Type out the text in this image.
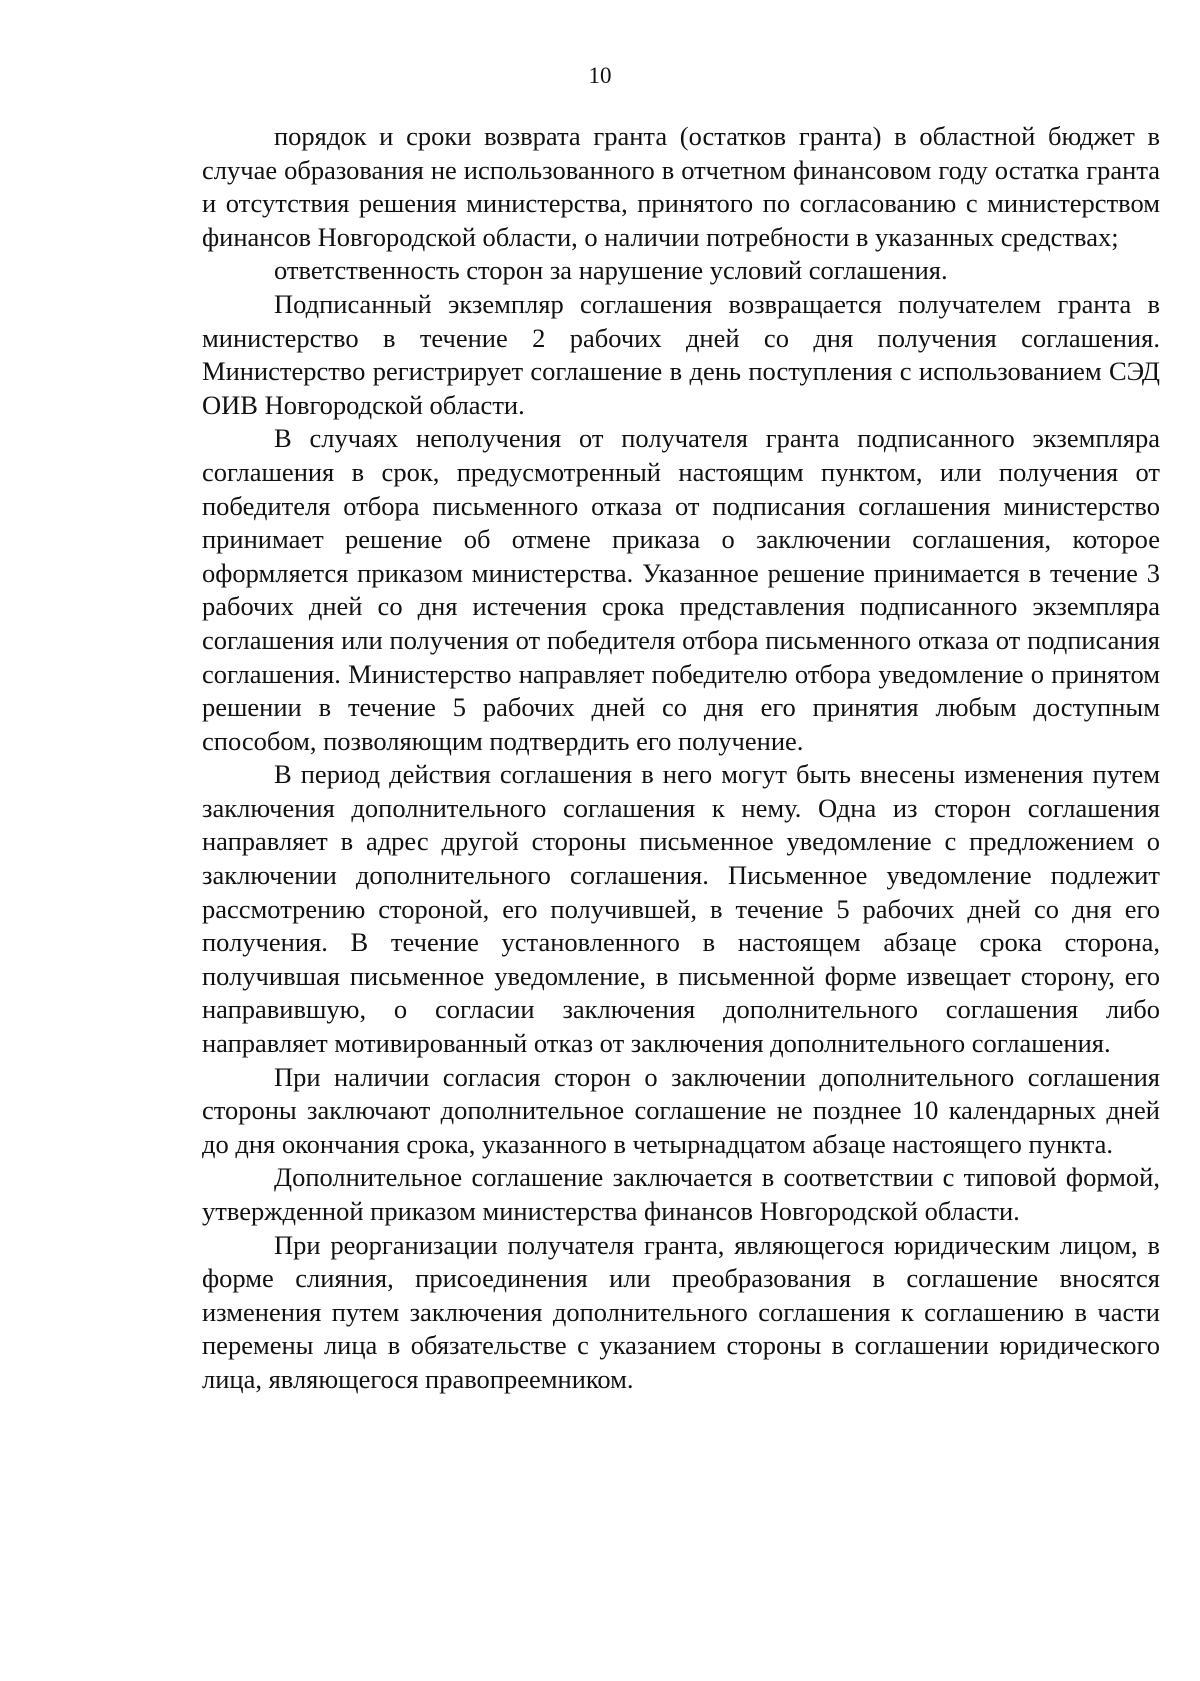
10

порядок и сроки возврата гранта (остатков гранта) в областной бюджет в случае образования не использованного в отчетном финансовом году остатка гранта и отсутствия решения министерства, принятого по согласованию с министерством финансов Новгородской области, о наличии потребности в указанных средствах;

ответственность сторон за нарушение условий соглашения.

Подписанный экземпляр соглашения возвращается получателем гранта в министерство в течение 2 рабочих дней со дня получения соглашения. Министерство регистрирует соглашение в день поступления с использованием СЭД ОИВ Новгородской области.

В случаях неполучения от получателя гранта подписанного экземпляра соглашения в срок, предусмотренный настоящим пунктом, или получения от победителя отбора письменного отказа от подписания соглашения министерство принимает решение об отмене приказа о заключении соглашения, которое оформляется приказом министерства. Указанное решение принимается в течение 3 рабочих дней со дня истечения срока представления подписанного экземпляра соглашения или получения от победителя отбора письменного отказа от подписания соглашения. Министерство направляет победителю отбора уведомление о принятом решении в течение 5 рабочих дней со дня его принятия любым доступным способом, позволяющим подтвердить его получение.

В период действия соглашения в него могут быть внесены изменения путем заключения дополнительного соглашения к нему. Одна из сторон соглашения направляет в адрес другой стороны письменное уведомление с предложением о заключении дополнительного соглашения. Письменное уведомление подлежит рассмотрению стороной, его получившей, в течение 5 рабочих дней со дня его получения. В течение установленного в настоящем абзаце срока сторона, получившая письменное уведомление, в письменной форме извещает сторону, его направившую, о согласии заключения дополнительного соглашения либо направляет мотивированный отказ от заключения дополнительного соглашения.

При наличии согласия сторон о заключении дополнительного соглашения стороны заключают дополнительное соглашение не позднее 10 календарных дней до дня окончания срока, указанного в четырнадцатом абзаце настоящего пункта.

Дополнительное соглашение заключается в соответствии с типовой формой, утвержденной приказом министерства финансов Новгородской области.

При реорганизации получателя гранта, являющегося юридическим лицом, в форме слияния, присоединения или преобразования в соглашение вносятся изменения путем заключения дополнительного соглашения к соглашению в части перемены лица в обязательстве с указанием стороны в соглашении юридического лица, являющегося правопреемником.
